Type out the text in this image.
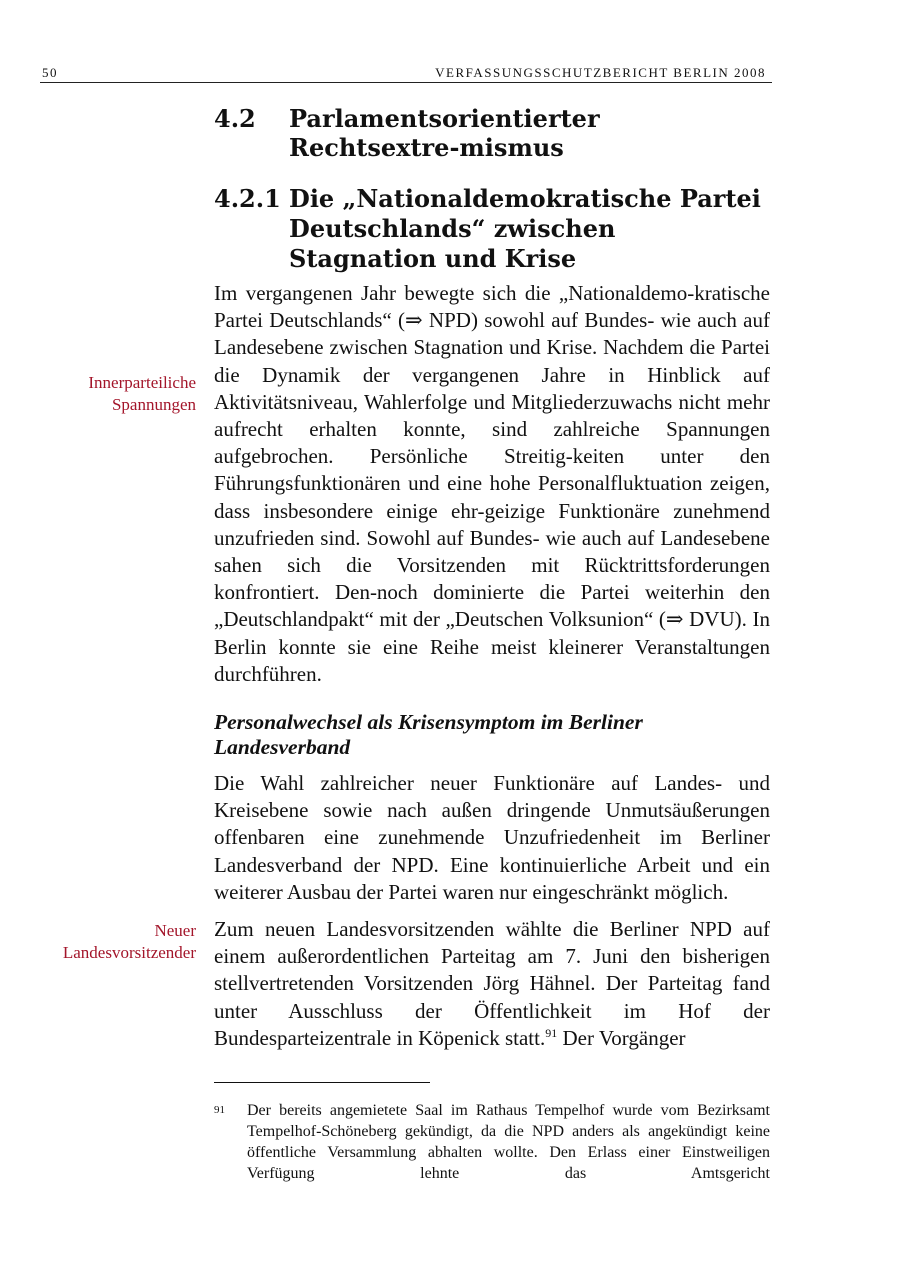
50	VERFASSUNGSSCHUTZBERICHT BERLIN 2008
Innerparteiliche Spannungen
Neuer Landesvorsitzender
4.2 Parlamentsorientierter Rechtsextre-mismus
4.2.1 Die „Nationaldemokratische Partei Deutschlands“ zwischen Stagnation und Krise

Im vergangenen Jahr bewegte sich die „Nationaldemo-kratische Partei Deutschlands“ (⇒ NPD) sowohl auf Bundes- wie auch auf Landesebene zwischen Stagnation und Krise. Nachdem die Partei die Dynamik der vergangenen Jahre in Hinblick auf Aktivitätsniveau, Wahlerfolge und Mitgliederzuwachs nicht mehr aufrecht erhalten konnte, sind zahlreiche Spannungen aufgebrochen. Persönliche Streitig-keiten unter den Führungsfunktionären und eine hohe Personalfluktuation zeigen, dass insbesondere einige ehr-geizige Funktionäre zunehmend unzufrieden sind. Sowohl auf Bundes- wie auch auf Landesebene sahen sich die Vorsitzenden mit Rücktrittsforderungen konfrontiert. Den-noch dominierte die Partei weiterhin den „Deutschlandpakt“ mit der „Deutschen Volksunion“ (⇒ DVU). In Berlin konnte sie eine Reihe meist kleinerer Veranstaltungen durchführen.

Personalwechsel als Krisensymptom im Berliner Landesverband

Die Wahl zahlreicher neuer Funktionäre auf Landes- und Kreisebene sowie nach außen dringende Unmutsäußerungen offenbaren eine zunehmende Unzufriedenheit im Berliner Landesverband der NPD. Eine kontinuierliche Arbeit und ein weiterer Ausbau der Partei waren nur eingeschränkt möglich.

Zum neuen Landesvorsitzenden wählte die Berliner NPD auf einem außerordentlichen Parteitag am 7. Juni den bisherigen stellvertretenden Vorsitzenden Jörg Hähnel. Der Parteitag fand unter Ausschluss der Öffentlichkeit im Hof der Bundesparteizentrale in Köpenick statt.$^{91}$ Der Vorgänger

91 Der bereits angemietete Saal im Rathaus Tempelhof wurde vom Bezirksamt Tempelhof-Schöneberg gekündigt, da die NPD anders als angekündigt keine öffentliche Versammlung abhalten wollte. Den Erlass einer Einstweiligen Verfügung lehnte das Amtsgericht
